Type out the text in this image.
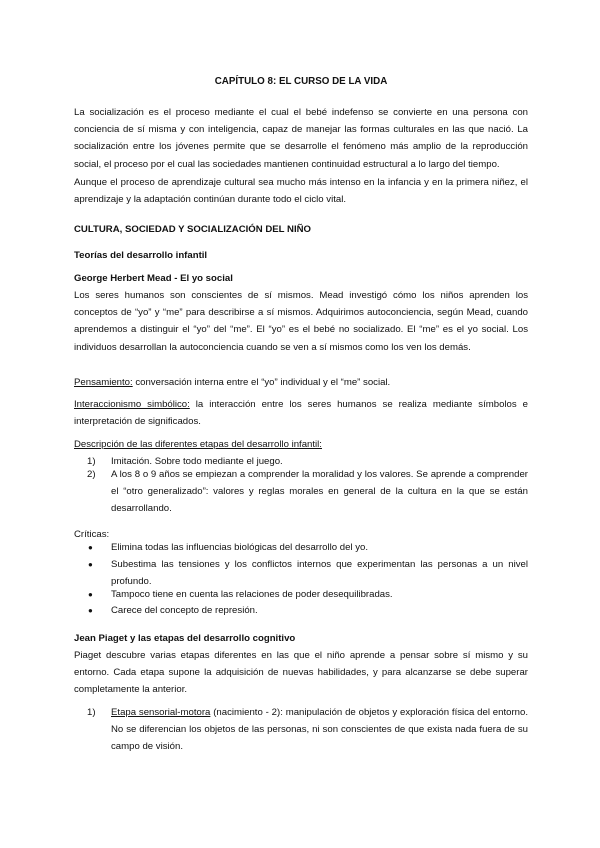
CAPÍTULO 8: EL CURSO DE LA VIDA

La socialización es el proceso mediante el cual el bebé indefenso se convierte en una persona con conciencia de sí misma y con inteligencia, capaz de manejar las formas culturales en las que nació. La socialización entre los jóvenes permite que se desarrolle el fenómeno más amplio de la reproducción social, el proceso por el cual las sociedades mantienen continuidad estructural a lo largo del tiempo.

Aunque el proceso de aprendizaje cultural sea mucho más intenso en la infancia y en la primera niñez, el aprendizaje y la adaptación continúan durante todo el ciclo vital.

CULTURA, SOCIEDAD Y SOCIALIZACIÓN DEL NIÑO
Teorías del desarrollo infantil
George Herbert Mead - El yo social

Los seres humanos son conscientes de sí mismos. Mead investigó cómo los niños aprenden los conceptos de “yo” y “me” para describirse a sí mismos. Adquirimos autoconciencia, según Mead, cuando aprendemos a distinguir el “yo” del “me”. El “yo” es el bebé no socializado. El “me” es el yo social. Los individuos desarrollan la autoconciencia cuando se ven a sí mismos como los ven los demás.

Pensamiento: conversación interna entre el “yo” individual y el “me” social.

Interaccionismo simbólico: la interacción entre los seres humanos se realiza mediante símbolos e interpretación de significados.

Descripción de las diferentes etapas del desarrollo infantil:
1) Imitación. Sobre todo mediante el juego.
2) A los 8 o 9 años se empiezan a comprender la moralidad y los valores. Se aprende a comprender el “otro generalizado”: valores y reglas morales en general de la cultura en la que se están desarrollando.
Críticas:
● Elimina todas las influencias biológicas del desarrollo del yo.
● Subestima las tensiones y los conflictos internos que experimentan las personas a un nivel profundo.
● Tampoco tiene en cuenta las relaciones de poder desequilibradas.
● Carece del concepto de represión.
Jean Piaget y las etapas del desarrollo cognitivo

Piaget descubre varias etapas diferentes en las que el niño aprende a pensar sobre sí mismo y su entorno. Cada etapa supone la adquisición de nuevas habilidades, y para alcanzarse se debe superar completamente la anterior.

1) Etapa sensorial-motora (nacimiento - 2): manipulación de objetos y exploración física del entorno. No se diferencian los objetos de las personas, ni son conscientes de que exista nada fuera de su campo de visión.
